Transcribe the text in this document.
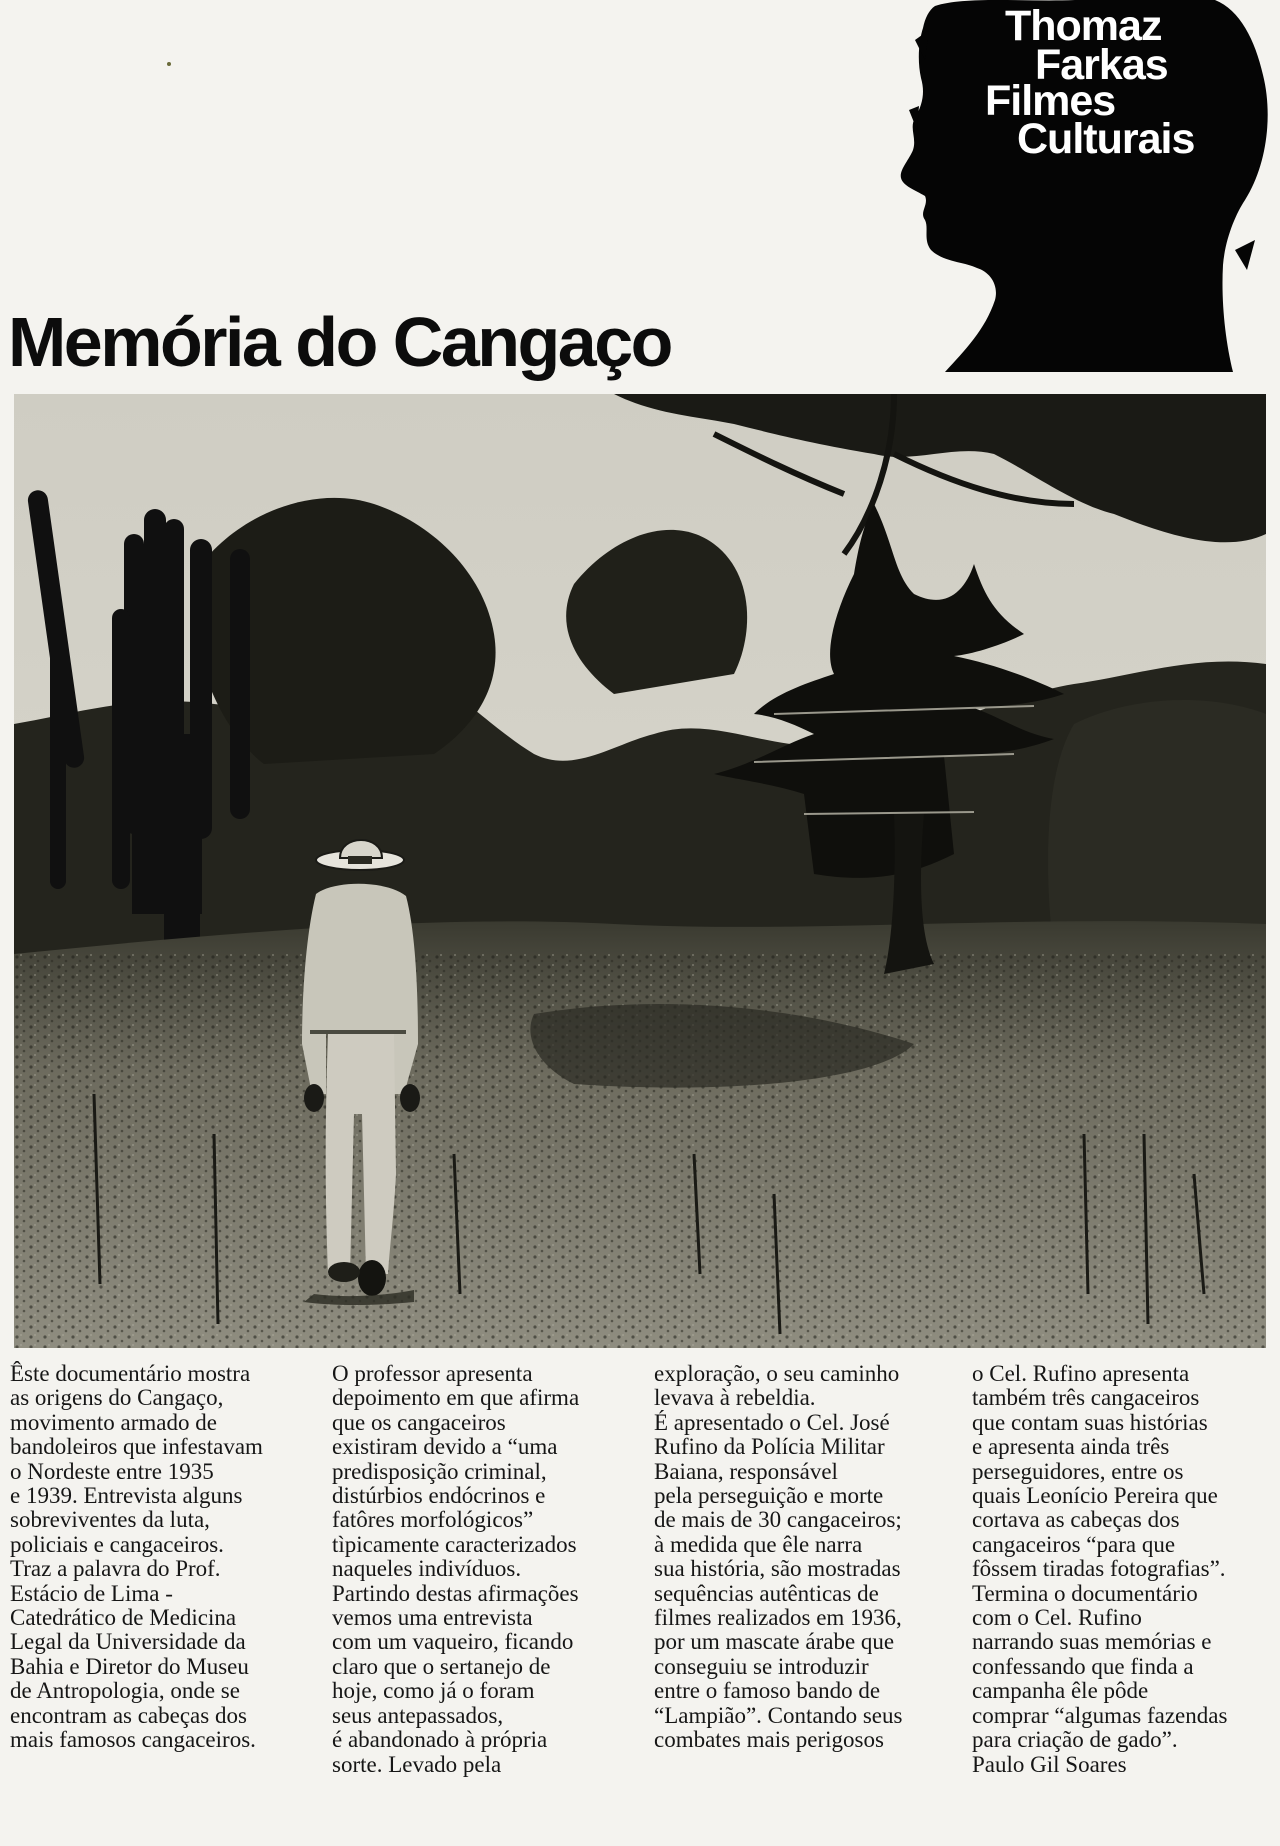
Thomaz
Farkas
Filmes
Culturais
Memória do Cangaço
Êste documentário mostra
as origens do Cangaço,
movimento armado de
bandoleiros que infestavam
o Nordeste entre 1935
e 1939. Entrevista alguns
sobreviventes da luta,
policiais e cangaceiros.
Traz a palavra do Prof.
Estácio de Lima -
Catedrático de Medicina
Legal da Universidade da
Bahia e Diretor do Museu
de Antropologia, onde se
encontram as cabeças dos
mais famosos cangaceiros.
O professor apresenta
depoimento em que afirma
que os cangaceiros
existiram devido a “uma
predisposição criminal,
distúrbios endócrinos e
fatôres morfológicos”
tìpicamente caracterizados
naqueles indivíduos.
Partindo destas afirmações
vemos uma entrevista
com um vaqueiro, ficando
claro que o sertanejo de
hoje, como já o foram
seus antepassados,
é abandonado à própria
sorte. Levado pela
exploração, o seu caminho
levava à rebeldia.
É apresentado o Cel. José
Rufino da Polícia Militar
Baiana, responsável
pela perseguição e morte
de mais de 30 cangaceiros;
à medida que êle narra
sua história, são mostradas
sequências autênticas de
filmes realizados em 1936,
por um mascate árabe que
conseguiu se introduzir
entre o famoso bando de
“Lampião”. Contando seus
combates mais perigosos
o Cel. Rufino apresenta
também três cangaceiros
que contam suas histórias
e apresenta ainda três
perseguidores, entre os
quais Leonício Pereira que
cortava as cabeças dos
cangaceiros “para que
fôssem tiradas fotografias”.
Termina o documentário
com o Cel. Rufino
narrando suas memórias e
confessando que finda a
campanha êle pôde
comprar “algumas fazendas
para criação de gado”.
Paulo Gil Soares
